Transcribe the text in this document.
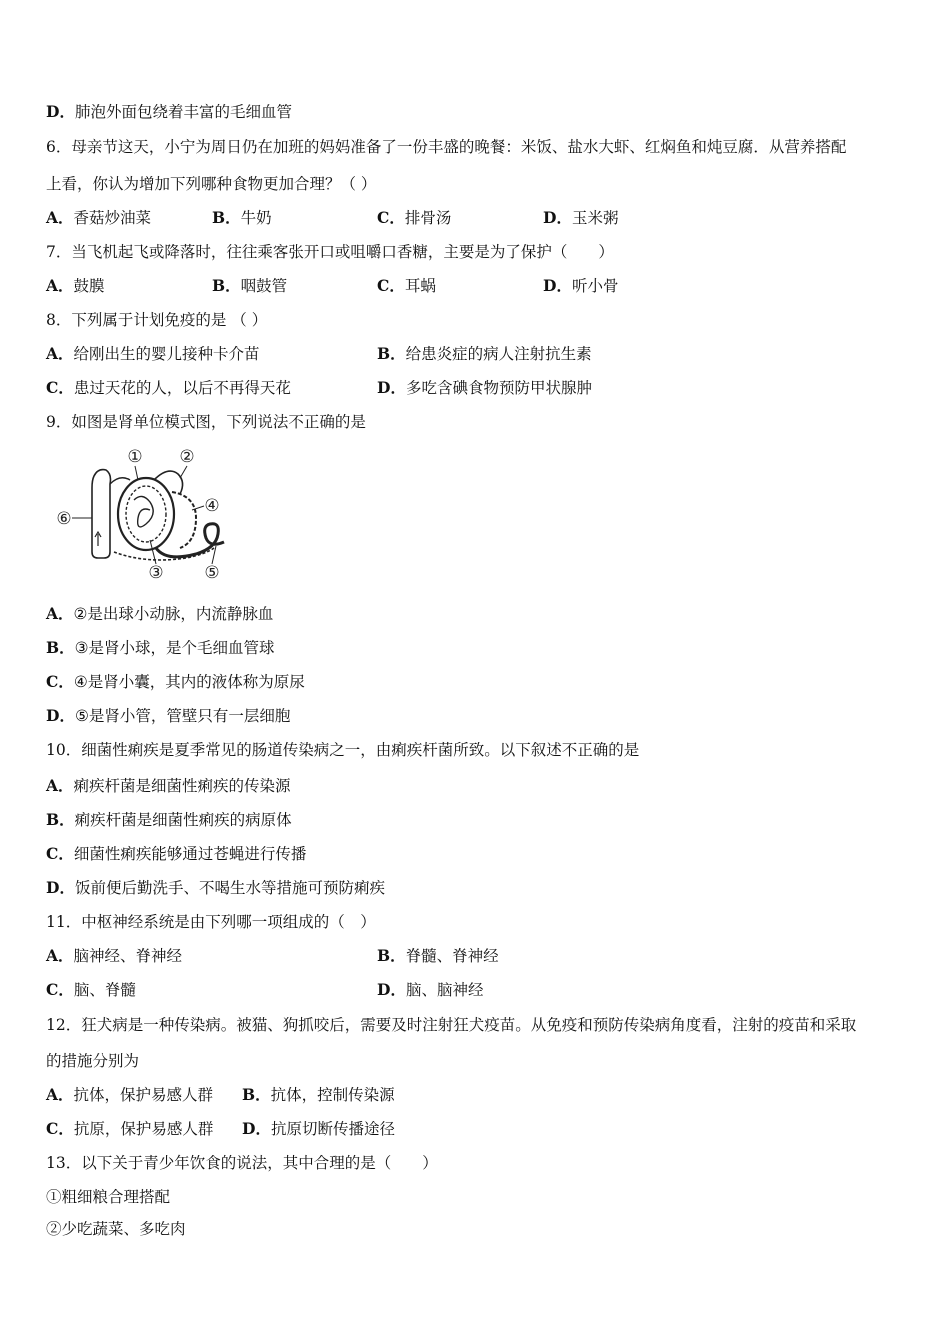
D．肺泡外面包绕着丰富的毛细血管
6．母亲节这天，小宁为周日仍在加班的妈妈准备了一份丰盛的晚餐：米饭、盐水大虾、红焖鱼和炖豆腐．从营养搭配
上看，你认为增加下列哪种食物更加合理？（ ）
A．香菇炒油菜	B．牛奶	C．排骨汤	D．玉米粥
7．当飞机起飞或降落时，往往乘客张开口或咀嚼口香糖，主要是为了保护（　　）
A．鼓膜	B．咽鼓管	C．耳蜗	D．听小骨
8．下列属于计划免疫的是 （ ）
A．给刚出生的婴儿接种卡介苗	B．给患炎症的病人注射抗生素
C．患过天花的人，以后不再得天花	D．多吃含碘食物预防甲状腺肿
9．如图是肾单位模式图，下列说法不正确的是
① ②
③
④
⑤
⑥
A．②是出球小动脉，内流静脉血
B．③是肾小球，是个毛细血管球
C．④是肾小囊，其内的液体称为原尿
D．⑤是肾小管，管壁只有一层细胞
10．细菌性痢疾是夏季常见的肠道传染病之一，由痢疾杆菌所致。以下叙述不正确的是
A．痢疾杆菌是细菌性痢疾的传染源
B．痢疾杆菌是细菌性痢疾的病原体
C．细菌性痢疾能够通过苍蝇进行传播
D．饭前便后勤洗手、不喝生水等措施可预防痢疾
11．中枢神经系统是由下列哪一项组成的（　）
A．脑神经、脊神经	B．脊髓、脊神经
C．脑、脊髓	D．脑、脑神经
12．狂犬病是一种传染病。被猫、狗抓咬后，需要及时注射狂犬疫苗。从免疫和预防传染病角度看，注射的疫苗和采取
的措施分别为
A．抗体，保护易感人群 B．抗体，控制传染源
C．抗原，保护易感人群 D．抗原切断传播途径
13．以下关于青少年饮食的说法，其中合理的是（　　）
①粗细粮合理搭配
②少吃蔬菜、多吃肉
